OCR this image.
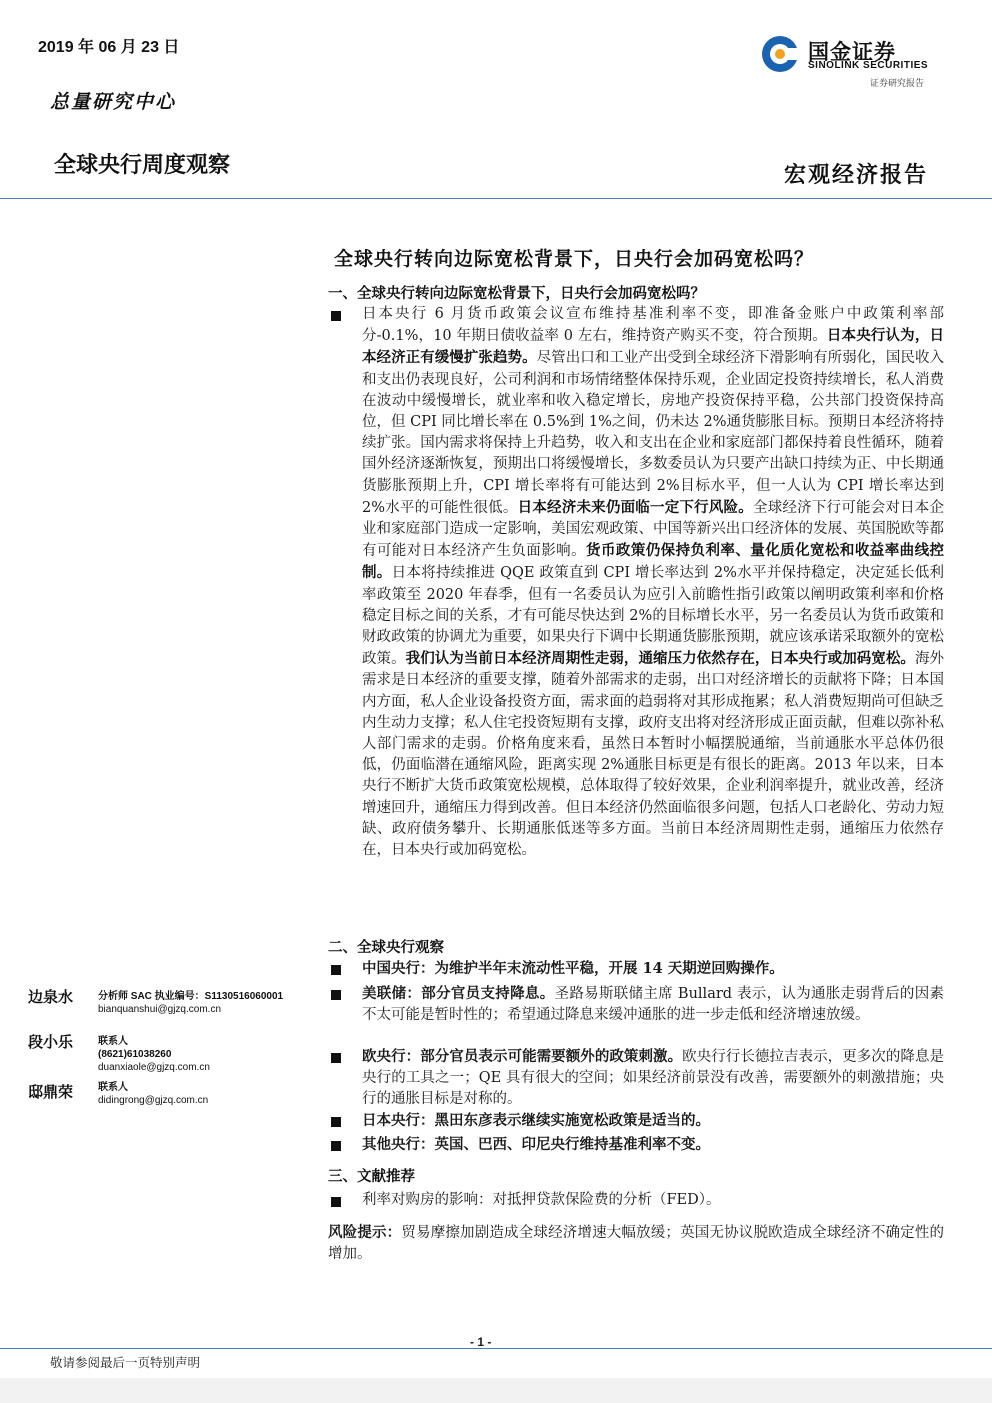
2019 年 06 月 23 日
总量研究中心
全球央行周度观察	宏观经济报告
国金证券
SINOLINK SECURITIES
证券研究报告
全球央行转向边际宽松背景下，日央行会加码宽松吗？
一、全球央行转向边际宽松背景下，日央行会加码宽松吗？
日本央行 6 月货币政策会议宣布维持基准利率不变，即准备金账户中政策利率部分-0.1%，10 年期日债收益率 0 左右，维持资产购买不变，符合预期。日本央行认为，日本经济正有缓慢扩张趋势。尽管出口和工业产出受到全球经济下滑影响有所弱化，国民收入和支出仍表现良好，公司利润和市场情绪整体保持乐观，企业固定投资持续增长，私人消费在波动中缓慢增长，就业率和收入稳定增长，房地产投资保持平稳，公共部门投资保持高位，但 CPI 同比增长率在 0.5%到 1%之间，仍未达 2%通货膨胀目标。预期日本经济将持续扩张。国内需求将保持上升趋势，收入和支出在企业和家庭部门都保持着良性循环，随着国外经济逐渐恢复，预期出口将缓慢增长，多数委员认为只要产出缺口持续为正、中长期通货膨胀预期上升，CPI 增长率将有可能达到 2%目标水平，但一人认为 CPI 增长率达到 2%水平的可能性很低。日本经济未来仍面临一定下行风险。全球经济下行可能会对日本企业和家庭部门造成一定影响，美国宏观政策、中国等新兴出口经济体的发展、英国脱欧等都有可能对日本经济产生负面影响。货币政策仍保持负利率、量化质化宽松和收益率曲线控制。日本将持续推进 QQE 政策直到 CPI 增长率达到 2%水平并保持稳定，决定延长低利率政策至 2020 年春季，但有一名委员认为应引入前瞻性指引政策以阐明政策利率和价格稳定目标之间的关系，才有可能尽快达到 2%的目标增长水平，另一名委员认为货币政策和财政政策的协调尤为重要，如果央行下调中长期通货膨胀预期，就应该承诺采取额外的宽松政策。我们认为当前日本经济周期性走弱，通缩压力依然存在，日本央行或加码宽松。海外需求是日本经济的重要支撑，随着外部需求的走弱，出口对经济增长的贡献将下降；日本国内方面，私人企业设备投资方面，需求面的趋弱将对其形成拖累；私人消费短期尚可但缺乏内生动力支撑；私人住宅投资短期有支撑，政府支出将对经济形成正面贡献，但难以弥补私人部门需求的走弱。价格角度来看，虽然日本暂时小幅摆脱通缩，当前通胀水平总体仍很低，仍面临潜在通缩风险，距离实现 2%通胀目标更是有很长的距离。2013 年以来，日本央行不断扩大货币政策宽松规模，总体取得了较好效果，企业利润率提升，就业改善，经济增速回升，通缩压力得到改善。但日本经济仍然面临很多问题，包括人口老龄化、劳动力短缺、政府债务攀升、长期通胀低迷等多方面。当前日本经济周期性走弱，通缩压力依然存在，日本央行或加码宽松。
二、全球央行观察
中国央行：为维护半年末流动性平稳，开展 14 天期逆回购操作。
美联储：部分官员支持降息。圣路易斯联储主席 Bullard 表示，认为通胀走弱背后的因素不太可能是暂时性的；希望通过降息来缓冲通胀的进一步走低和经济增速放缓。
欧央行：部分官员表示可能需要额外的政策刺激。欧央行行长德拉吉表示，更多次的降息是央行的工具之一；QE 具有很大的空间；如果经济前景没有改善，需要额外的刺激措施；央行的通胀目标是对称的。
日本央行：黑田东彦表示继续实施宽松政策是适当的。
其他央行：英国、巴西、印尼央行维持基准利率不变。
三、文献推荐
利率对购房的影响：对抵押贷款保险费的分析（FED）。
风险提示：贸易摩擦加剧造成全球经济增速大幅放缓；英国无协议脱欧造成全球经济不确定性的增加。
边泉水 分析师 SAC 执业编号：S1130516060001
bianquanshui@gjzq.com.cn
段小乐 联系人
(8621)61038260
duanxiaole@gjzq.com.cn
邸鼎荣 联系人
didingrong@gjzq.com.cn
- 1 -
敬请参阅最后一页特别声明
